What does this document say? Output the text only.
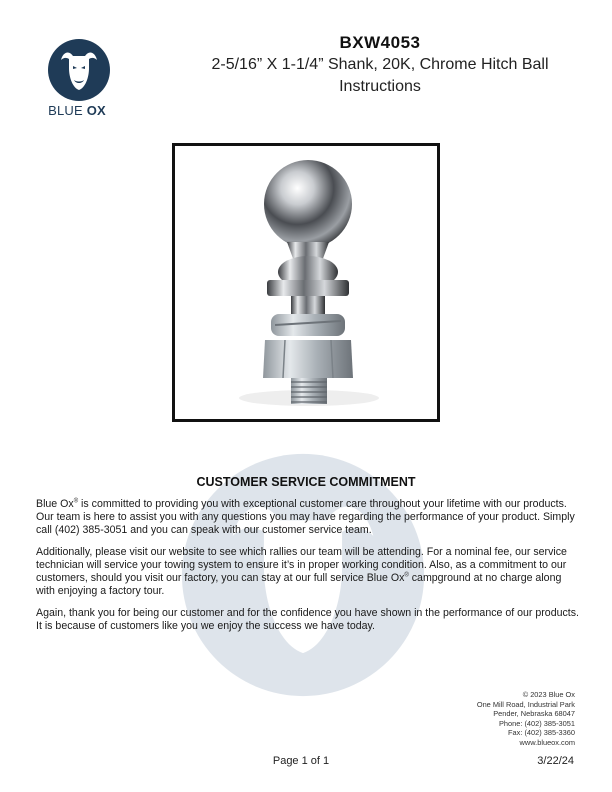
BLUE OX
BXW4053
2-5/16” X 1-1/4” Shank, 20K, Chrome Hitch Ball
Instructions
CUSTOMER SERVICE COMMITMENT

Blue Ox® is committed to providing you with exceptional customer care throughout your lifetime with our products. Our team is here to assist you with any questions you may have regarding the performance of your product. Simply call (402) 385-3051 and you can speak with our customer service team.

Additionally, please visit our website to see which rallies our team will be attending. For a nominal fee, our service technician will service your towing system to ensure it’s in proper working condition. Also, as a commitment to our customers, should you visit our factory, you can stay at our full service Blue Ox® campground at no charge along with enjoying a factory tour.

Again, thank you for being our customer and for the confidence you have shown in the performance of our products. It is because of customers like you we enjoy the success we have today.

© 2023 Blue Ox
One Mill Road, Industrial Park
Pender, Nebraska 68047
Phone: (402) 385-3051
Fax: (402) 385-3360
www.blueox.com
Page 1 of 1	3/22/24
